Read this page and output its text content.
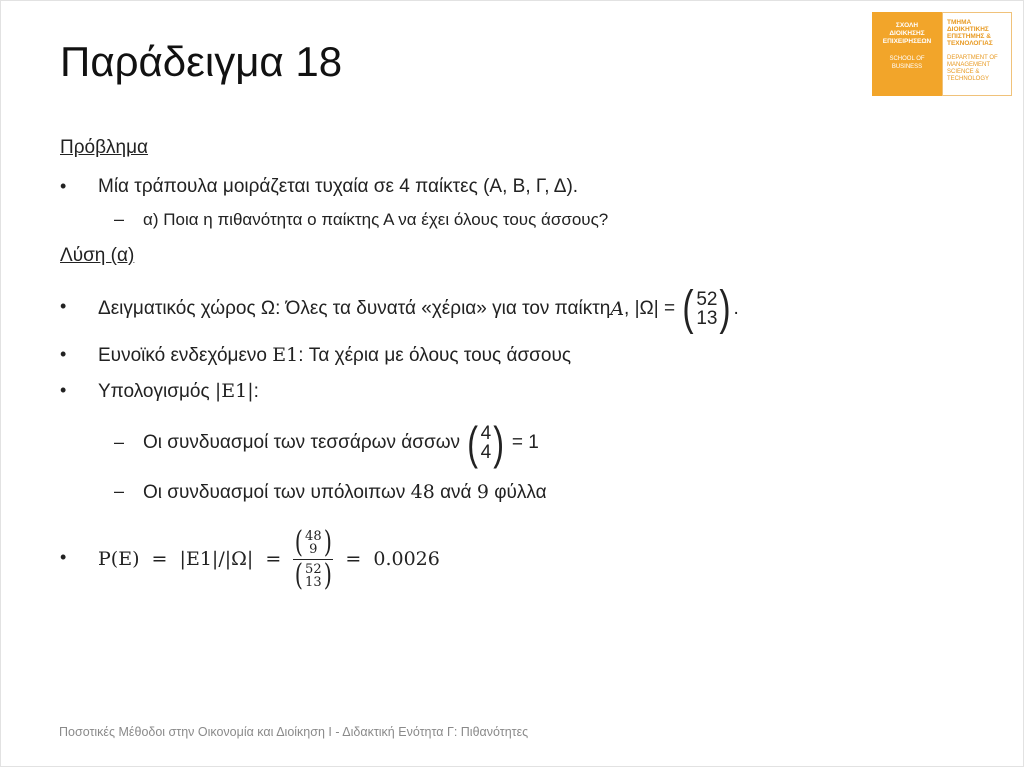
Παράδειγμα 18
ΣΧΟΛΗ
ΔΙΟΙΚΗΣΗΣ
ΕΠΙΧΕΙΡΗΣΕΩΝ
SCHOOL OF
BUSINESS
ΤΜΗΜΑ
ΔΙΟΙΚΗΤΙΚΗΣ
ΕΠΙΣΤΗΜΗΣ &
ΤΕΧΝΟΛΟΓΙΑΣ
DEPARTMENT OF
MANAGEMENT
SCIENCE &
TECHNOLOGY
Πρόβλημα
• Μία τράπουλα μοιράζεται τυχαία σε 4 παίκτες (Α, Β, Γ, Δ).
– α) Ποια η πιθανότητα ο παίκτης Α να έχει όλους τους άσσους?
Λύση (α)
• Δειγματικός χώρος Ω: Όλες τα δυνατά «χέρια» για τον παίκτη A , |Ω| = ( 52
13 ) .
• Ευνοϊκό ενδεχόμενο E1: Τα χέρια με όλους τους άσσους
• Υπολογισμός |E1|:
– Οι συνδυασμοί των τεσσάρων άσσων ( 4
4 ) = 1
– Οι συνδυασμοί των υπόλοιπων 48 ανά 9 φύλλα
• P(E)  =  |E1|/|Ω|  = ( 48
9 )
( 52
13 ) =  0.0026
Ποσοτικές Μέθοδοι στην Οικονομία και Διοίκηση Ι - Διδακτική Ενότητα Γ: Πιθανότητες
